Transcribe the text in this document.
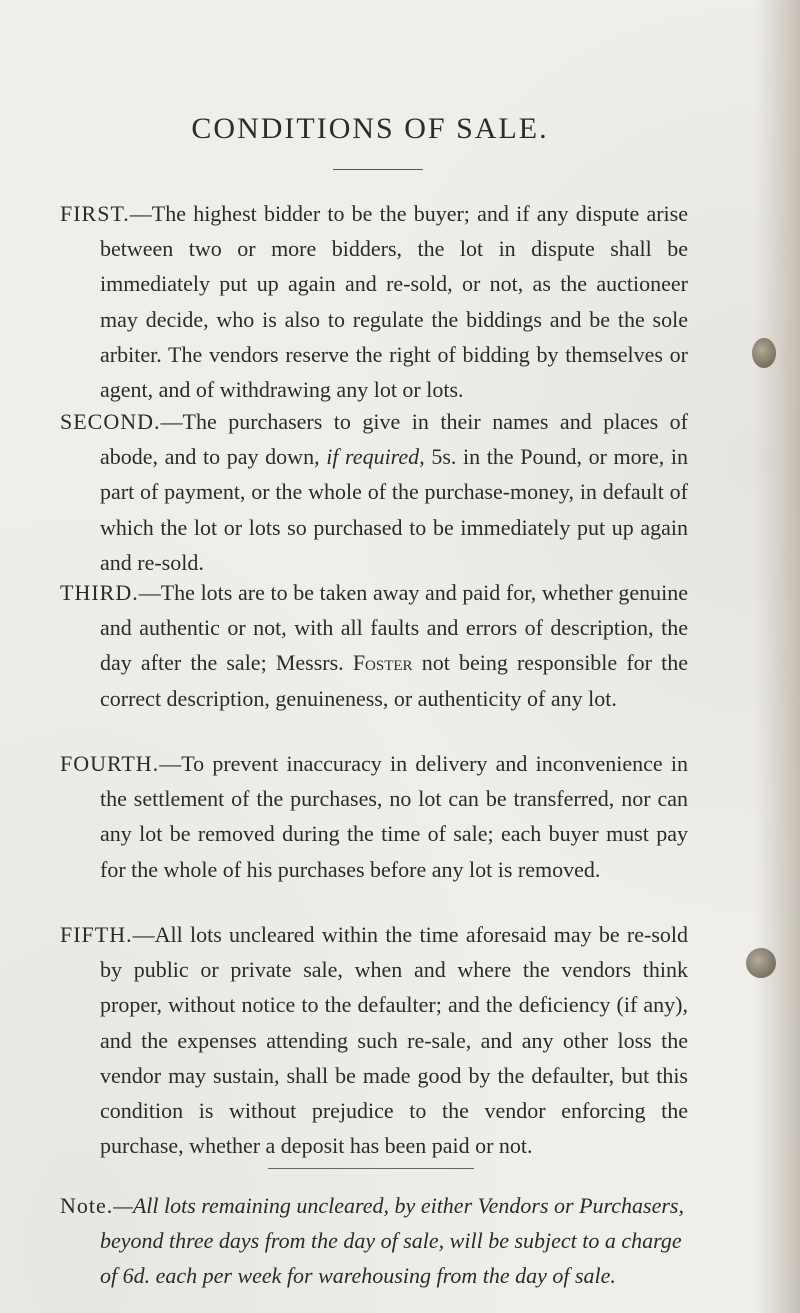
CONDITIONS OF SALE.

FIRST.—The highest bidder to be the buyer; and if any dispute arise between two or more bidders, the lot in dispute shall be immediately put up again and re-sold, or not, as the auctioneer may decide, who is also to regulate the biddings and be the sole arbiter. The vendors reserve the right of bidding by themselves or agent, and of withdrawing any lot or lots.

SECOND.—The purchasers to give in their names and places of abode, and to pay down, if required, 5s. in the Pound, or more, in part of payment, or the whole of the purchase-money, in default of which the lot or lots so purchased to be immediately put up again and re-sold.

THIRD.—The lots are to be taken away and paid for, whether genuine and authentic or not, with all faults and errors of description, the day after the sale; Messrs. Foster not being responsible for the correct description, genuineness, or authenticity of any lot.

FOURTH.—To prevent inaccuracy in delivery and inconvenience in the settlement of the purchases, no lot can be transferred, nor can any lot be removed during the time of sale; each buyer must pay for the whole of his purchases before any lot is removed.

FIFTH.—All lots uncleared within the time aforesaid may be re-sold by public or private sale, when and where the vendors think proper, without notice to the defaulter; and the deficiency (if any), and the expenses attending such re-sale, and any other loss the vendor may sustain, shall be made good by the defaulter, but this condition is without prejudice to the vendor enforcing the purchase, whether a deposit has been paid or not.

Note.—All lots remaining uncleared, by either Vendors or Purchasers, beyond three days from the day of sale, will be subject to a charge of 6d. each per week for warehousing from the day of sale.
